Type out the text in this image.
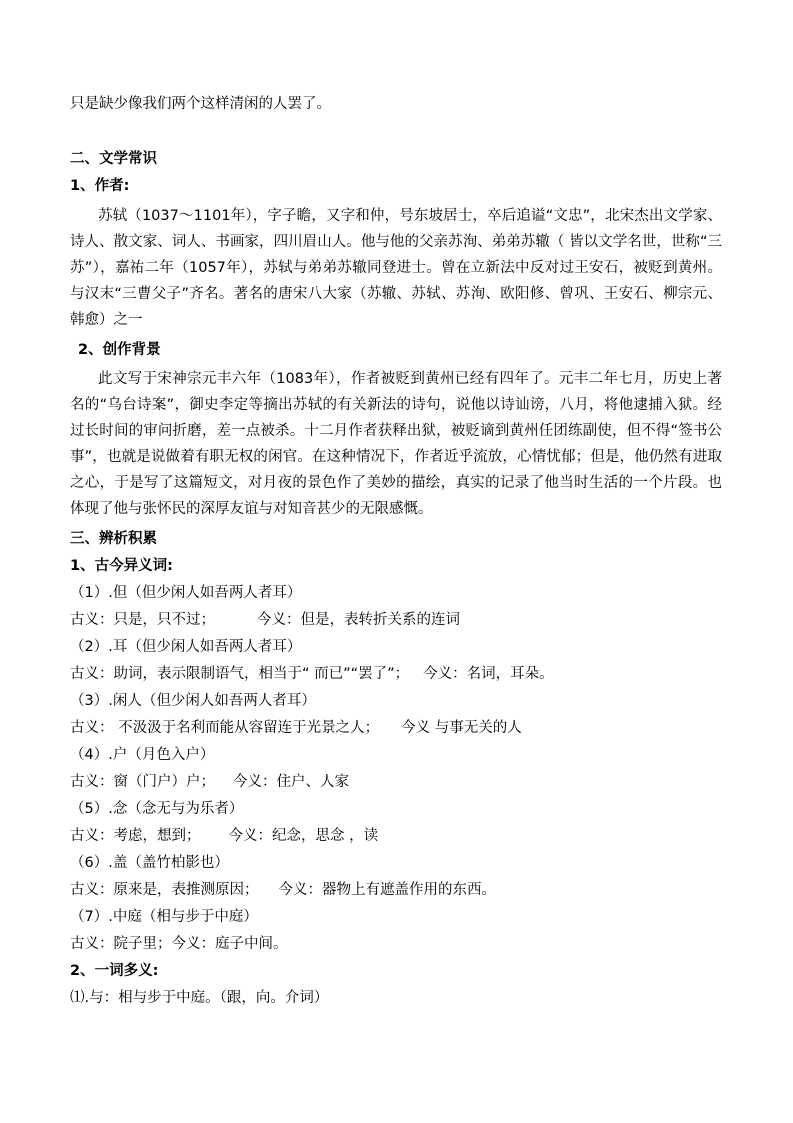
只是缺少像我们两个这样清闲的人罢了。
二、文学常识
1、作者:
苏轼（1037～1101年），字子瞻，又字和仲，号东坡居士，卒后追谥“文忠”，北宋杰出文学家、诗人、散文家、词人、书画家，四川眉山人。他与他的父亲苏洵、弟弟苏辙（ 皆以文学名世，世称“三苏”），嘉祐二年（1057年），苏轼与弟弟苏辙同登进士。曾在立新法中反对过王安石，被贬到黄州。与汉末“三曹父子”齐名。著名的唐宋八大家（苏辙、苏轼、苏洵、欧阳修、曾巩、王安石、柳宗元、韩愈）之一
2、创作背景
此文写于宋神宗元丰六年（1083年），作者被贬到黄州已经有四年了。元丰二年七月，历史上著名的“乌台诗案”，御史李定等摘出苏轼的有关新法的诗句，说他以诗讪谤，八月，将他逮捕入狱。经过长时间的审问折磨，差一点被杀。十二月作者获释出狱，被贬谪到黄州任团练副使，但不得“签书公事”，也就是说做着有职无权的闲官。在这种情况下，作者近乎流放，心情忧郁；但是，他仍然有进取之心，于是写了这篇短文，对月夜的景色作了美妙的描绘，真实的记录了他当时生活的一个片段。也体现了他与张怀民的深厚友谊与对知音甚少的无限感慨。
三、辨析积累
1、古今异义词:
（1）.但（但少闲人如吾两人者耳）
古义：只是，只不过；	今义：但是，表转折关系的连词
（2）.耳（但少闲人如吾两人者耳）
古义：助词，表示限制语气，相当于“ 而已”“罢了”； 今义：名词，耳朵。
（3）.闲人（但少闲人如吾两人者耳）
古义： 不汲汲于名利而能从容留连于光景之人； 今义 与事无关的人
（4）.户（月色入户）
古义：窗（门户）户； 今义：住户、人家
（5）.念（念无与为乐者）
古义：考虑，想到； 今义：纪念，思念 ，读
（6）.盖（盖竹柏影也）
古义：原来是，表推测原因； 今义：器物上有遮盖作用的东西。
（7）.中庭（相与步于中庭）
古义：院子里；今义：庭子中间。
2、一词多义:
⑴.与：相与步于中庭。（跟，向。介词）
